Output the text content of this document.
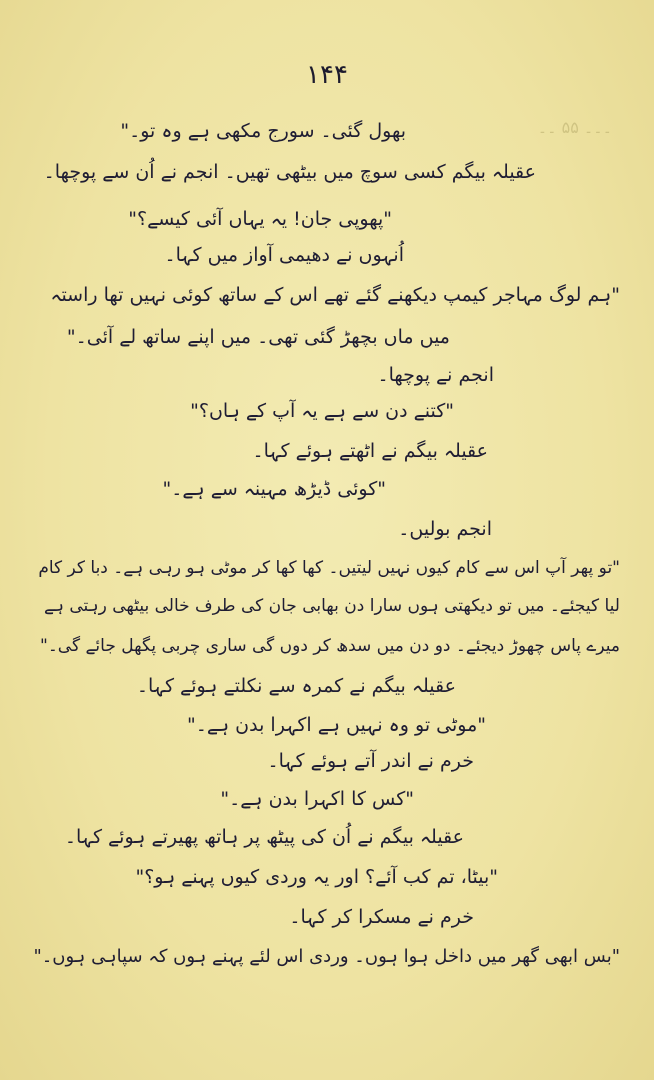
۱۴۴
۔۔۔ ۵۵ ۔۔
بھول گئی۔ سورج مکھی ہے وہ تو۔"
عقیلہ بیگم کسی سوچ میں بیٹھی تھیں۔ انجم نے اُن سے پوچھا۔
"پھوپی جان! یہ یہاں آئی کیسے؟"
اُنہوں نے دھیمی آواز میں کہا۔
"ہم لوگ مہاجر کیمپ دیکھنے گئے تھے اس کے ساتھ کوئی نہیں تھا راستہ
میں ماں بچھڑ گئی تھی۔ میں اپنے ساتھ لے آئی۔"
انجم نے پوچھا۔
"کتنے دن سے ہے یہ آپ کے ہاں؟"
عقیلہ بیگم نے اٹھتے ہوئے کہا۔
"کوئی ڈیڑھ مہینہ سے ہے۔"
انجم بولیں۔
"تو پھر آپ اس سے کام کیوں نہیں لیتیں۔ کھا کھا کر موٹی ہو رہی ہے۔ دبا کر کام
لیا کیجئے۔ میں تو دیکھتی ہوں سارا دن بھابی جان کی طرف خالی بیٹھی رہتی ہے
میرے پاس چھوڑ دیجئے۔ دو دن میں سدھ کر دوں گی ساری چربی پگھل جائے گی۔"
عقیلہ بیگم نے کمرہ سے نکلتے ہوئے کہا۔
"موٹی تو وہ نہیں ہے اکہرا بدن ہے۔"
خرم نے اندر آتے ہوئے کہا۔
"کس کا اکہرا بدن ہے۔"
عقیلہ بیگم نے اُن کی پیٹھ پر ہاتھ پھیرتے ہوئے کہا۔
"بیٹا، تم کب آئے؟ اور یہ وردی کیوں پہنے ہو؟"
خرم نے مسکرا کر کہا۔
"بس ابھی گھر میں داخل ہوا ہوں۔ وردی اس لئے پہنے ہوں کہ سپاہی ہوں۔"
